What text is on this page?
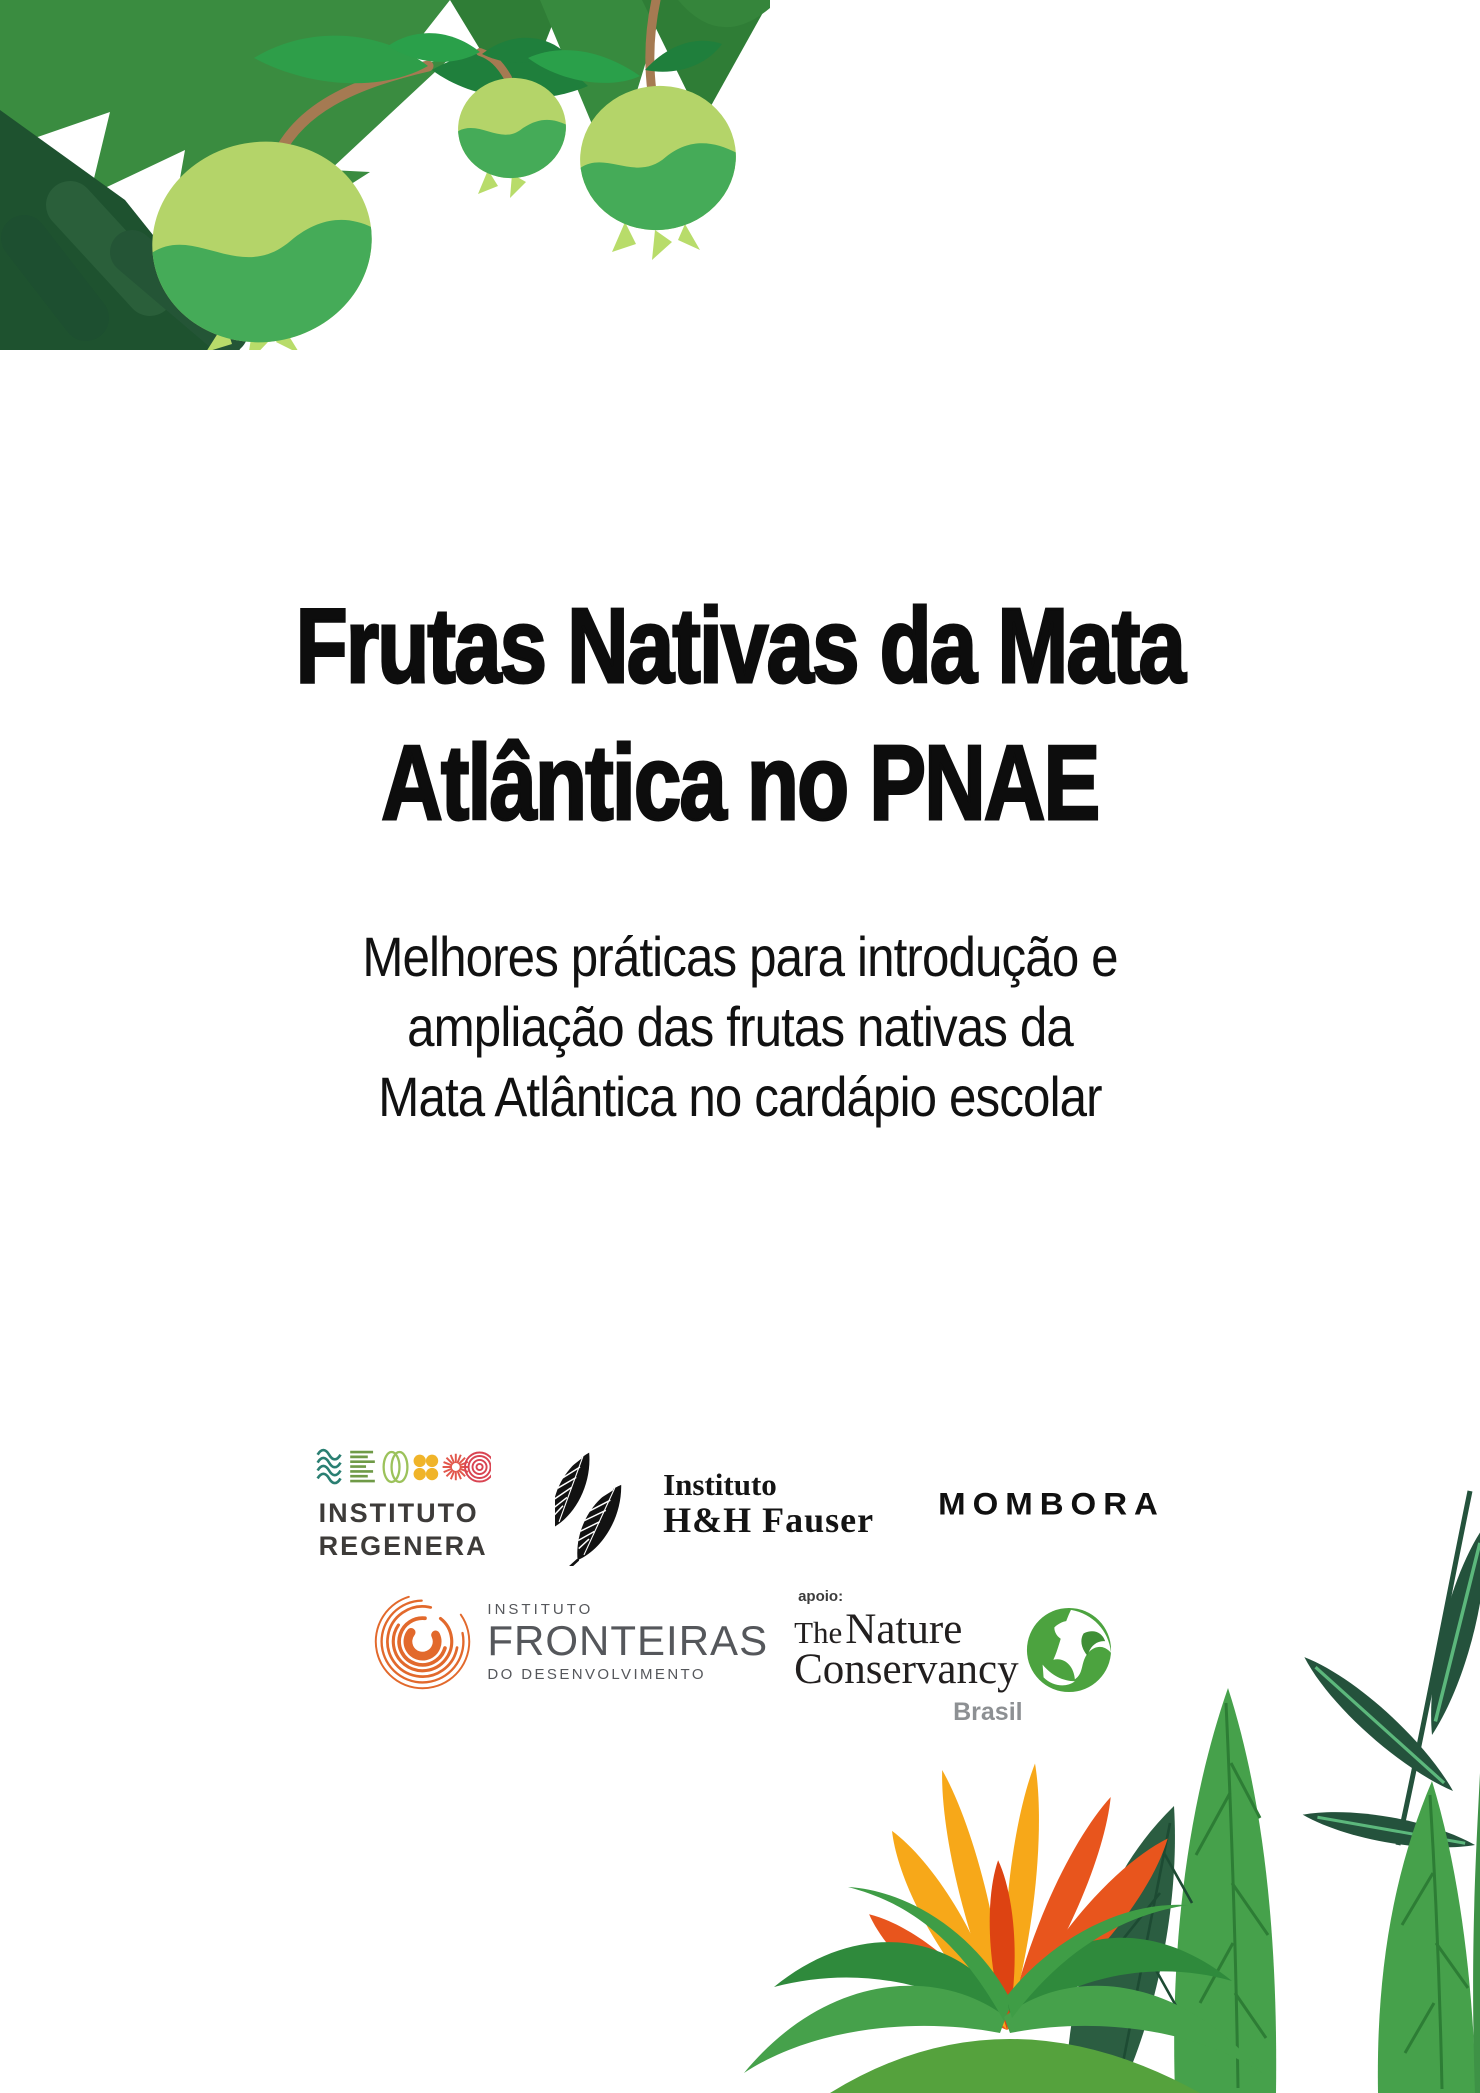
Frutas Nativas da Mata
Atlântica no PNAE
Melhores práticas para introdução e
ampliação das frutas nativas da
Mata Atlântica no cardápio escolar
INSTITUTO
REGENERA
Instituto
H&H Fauser MOMBORA
INSTITUTO
FRONTEIRAS
DO DESENVOLVIMENTO
apoio:
TheNature
Conservancy
Brasil
